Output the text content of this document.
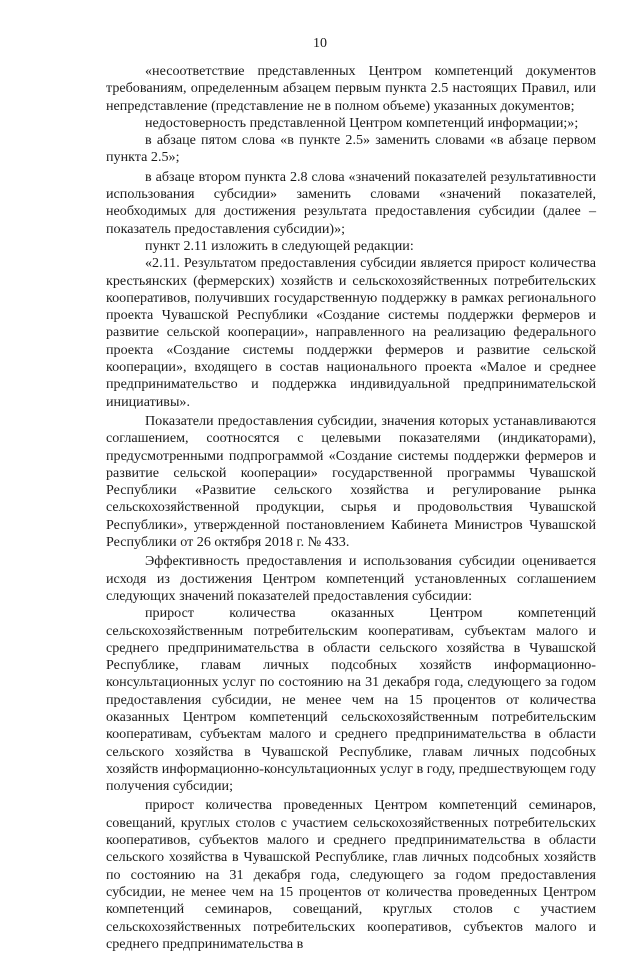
10

«несоответствие представленных Центром компетенций документов требованиям, определенным абзацем первым пункта 2.5 настоящих Правил, или непредставление (представление не в полном объеме) указанных документов;

недостоверность представленной Центром компетенций информации;»;

в абзаце пятом слова «в пункте 2.5» заменить словами «в абзаце первом пункта 2.5»;

в абзаце втором пункта 2.8 слова «значений показателей результативности использования субсидии» заменить словами «значений показателей, необходимых для достижения результата предоставления субсидии (далее – показатель предоставления субсидии)»;

пункт 2.11 изложить в следующей редакции:

«2.11. Результатом предоставления субсидии является прирост количества крестьянских (фермерских) хозяйств и сельскохозяйственных потребительских кооперативов, получивших государственную поддержку в рамках регионального проекта Чувашской Республики «Создание системы поддержки фермеров и развитие сельской кооперации», направленного на реализацию федерального проекта «Создание системы поддержки фермеров и развитие сельской кооперации», входящего в состав национального проекта «Малое и среднее предпринимательство и поддержка индивидуальной предпринимательской инициативы».

Показатели предоставления субсидии, значения которых устанавливаются соглашением, соотносятся с целевыми показателями (индикаторами), предусмотренными подпрограммой «Создание системы поддержки фермеров и развитие сельской кооперации» государственной программы Чувашской Республики «Развитие сельского хозяйства и регулирование рынка сельскохозяйственной продукции, сырья и продовольствия Чувашской Республики», утвержденной постановлением Кабинета Министров Чувашской Республики от 26 октября 2018 г. № 433.

Эффективность предоставления и использования субсидии оценивается исходя из достижения Центром компетенций установленных соглашением следующих значений показателей предоставления субсидии:

прирост количества оказанных Центром компетенций сельскохозяйственным потребительским кооперативам, субъектам малого и среднего предпринимательства в области сельского хозяйства в Чувашской Республике, главам личных подсобных хозяйств информационно-консультационных услуг по состоянию на 31 декабря года, следующего за годом предоставления субсидии, не менее чем на 15 процентов от количества оказанных Центром компетенций сельскохозяйственным потребительским кооперативам, субъектам малого и среднего предпринимательства в области сельского хозяйства в Чувашской Республике, главам личных подсобных хозяйств информационно-консультационных услуг в году, предшествующем году получения субсидии;

прирост количества проведенных Центром компетенций семинаров, совещаний, круглых столов с участием сельскохозяйственных потребительских кооперативов, субъектов малого и среднего предпринимательства в области сельского хозяйства в Чувашской Республике, глав личных подсобных хозяйств по состоянию на 31 декабря года, следующего за годом предоставления субсидии, не менее чем на 15 процентов от количества проведенных Центром компетенций семинаров, совещаний, круглых столов с участием сельскохозяйственных потребительских кооперативов, субъектов малого и среднего предпринимательства в
